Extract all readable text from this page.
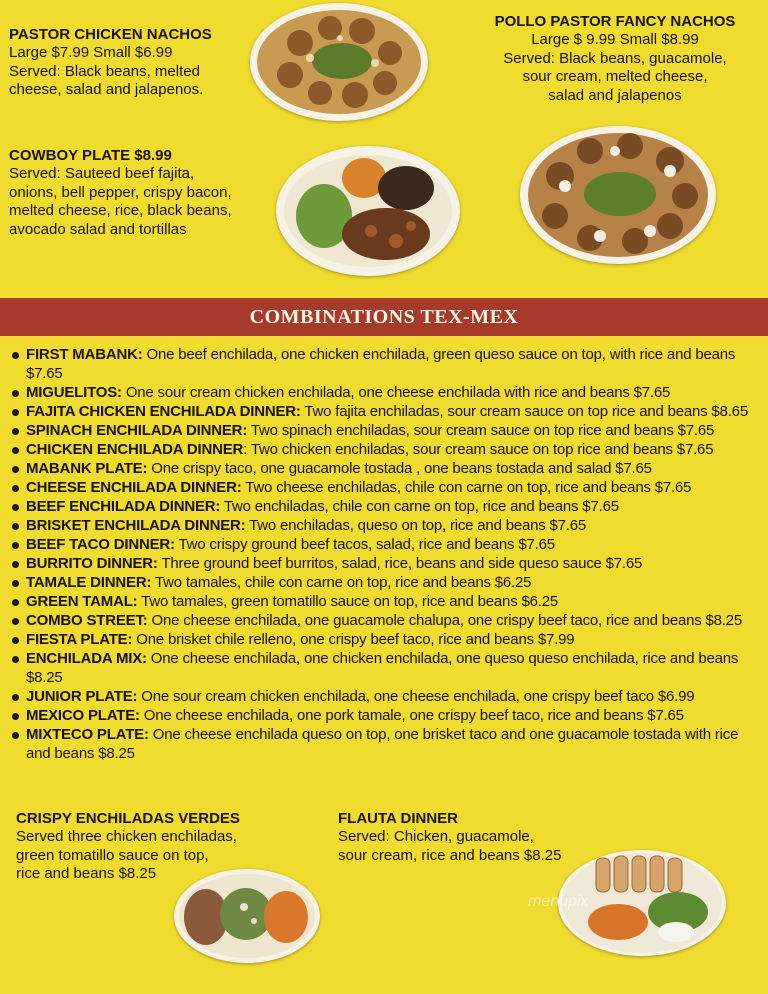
PASTOR CHICKEN NACHOS
Large $7.99 Small $6.99
Served: Black beans, melted
cheese, salad and jalapenos.
POLLO PASTOR FANCY NACHOS
Large $ 9.99 Small $8.99
Served: Black beans, guacamole,
sour cream, melted cheese,
salad and jalapenos
COWBOY PLATE $8.99
Served: Sauteed beef fajita,
onions, bell pepper, crispy bacon,
melted cheese, rice, black beans,
avocado salad and tortillas
COMBINATIONS TEX-MEX
FIRST MABANK: One beef enchilada, one chicken enchilada, green queso sauce on top, with rice and beans $7.65
MIGUELITOS: One sour cream chicken enchilada, one cheese enchilada with rice and beans $7.65
FAJITA CHICKEN ENCHILADA DINNER: Two fajita enchiladas, sour cream sauce on top rice and beans $8.65
SPINACH ENCHILADA DINNER: Two spinach enchiladas, sour cream sauce on top rice and beans $7.65
CHICKEN ENCHILADA DINNER: Two chicken enchiladas, sour cream sauce on top rice and beans $7.65
MABANK PLATE: One crispy taco, one guacamole tostada , one beans tostada and salad $7.65
CHEESE ENCHILADA DINNER: Two cheese enchiladas, chile con carne on top, rice and beans $7.65
BEEF ENCHILADA DINNER: Two enchiladas, chile con carne on top, rice and beans $7.65
BRISKET ENCHILADA DINNER: Two enchiladas, queso on top, rice and beans $7.65
BEEF TACO DINNER: Two crispy ground beef tacos, salad, rice and beans $7.65
BURRITO DINNER: Three ground beef burritos, salad, rice, beans and side queso sauce $7.65
TAMALE DINNER: Two tamales, chile con carne on top, rice and beans $6.25
GREEN TAMAL: Two tamales, green tomatillo sauce on top, rice and beans $6.25
COMBO STREET: One cheese enchilada, one guacamole chalupa, one crispy beef taco, rice and beans $8.25
FIESTA PLATE: One brisket chile relleno, one crispy beef taco, rice and beans $7.99
ENCHILADA MIX: One cheese enchilada, one chicken enchilada, one queso queso enchilada, rice and beans $8.25
JUNIOR PLATE: One sour cream chicken enchilada, one cheese enchilada, one crispy beef taco $6.99
MEXICO PLATE: One cheese enchilada, one pork tamale, one crispy beef taco, rice and beans $7.65
MIXTECO PLATE: One cheese enchilada queso on top, one brisket taco and one guacamole tostada with rice and beans $8.25
CRISPY ENCHILADAS VERDES
Served three chicken enchiladas,
green tomatillo sauce on top,
rice and beans $8.25
FLAUTA DINNER
Served: Chicken, guacamole,
sour cream, rice and beans $8.25
menupix
